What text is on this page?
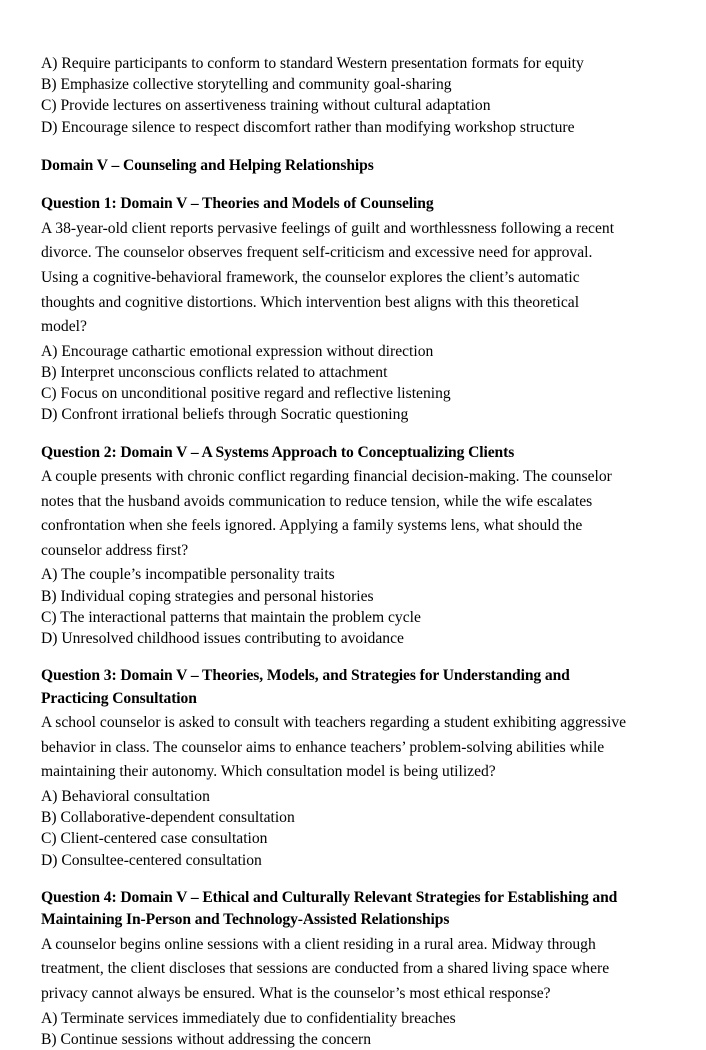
A) Require participants to conform to standard Western presentation formats for equity

B) Emphasize collective storytelling and community goal-sharing

C) Provide lectures on assertiveness training without cultural adaptation

D) Encourage silence to respect discomfort rather than modifying workshop structure

Domain V – Counseling and Helping Relationships

Question 1: Domain V – Theories and Models of Counseling

A 38-year-old client reports pervasive feelings of guilt and worthlessness following a recent

divorce. The counselor observes frequent self-criticism and excessive need for approval.

Using a cognitive-behavioral framework, the counselor explores the client’s automatic

thoughts and cognitive distortions. Which intervention best aligns with this theoretical

model?

A) Encourage cathartic emotional expression without direction

B) Interpret unconscious conflicts related to attachment

C) Focus on unconditional positive regard and reflective listening

D) Confront irrational beliefs through Socratic questioning

Question 2: Domain V – A Systems Approach to Conceptualizing Clients

A couple presents with chronic conflict regarding financial decision-making. The counselor

notes that the husband avoids communication to reduce tension, while the wife escalates

confrontation when she feels ignored. Applying a family systems lens, what should the

counselor address first?

A) The couple’s incompatible personality traits

B) Individual coping strategies and personal histories

C) The interactional patterns that maintain the problem cycle

D) Unresolved childhood issues contributing to avoidance

Question 3: Domain V – Theories, Models, and Strategies for Understanding and

Practicing Consultation

A school counselor is asked to consult with teachers regarding a student exhibiting aggressive

behavior in class. The counselor aims to enhance teachers’ problem-solving abilities while

maintaining their autonomy. Which consultation model is being utilized?

A) Behavioral consultation

B) Collaborative-dependent consultation

C) Client-centered case consultation

D) Consultee-centered consultation

Question 4: Domain V – Ethical and Culturally Relevant Strategies for Establishing and

Maintaining In-Person and Technology-Assisted Relationships

A counselor begins online sessions with a client residing in a rural area. Midway through

treatment, the client discloses that sessions are conducted from a shared living space where

privacy cannot always be ensured. What is the counselor’s most ethical response?

A) Terminate services immediately due to confidentiality breaches

B) Continue sessions without addressing the concern
